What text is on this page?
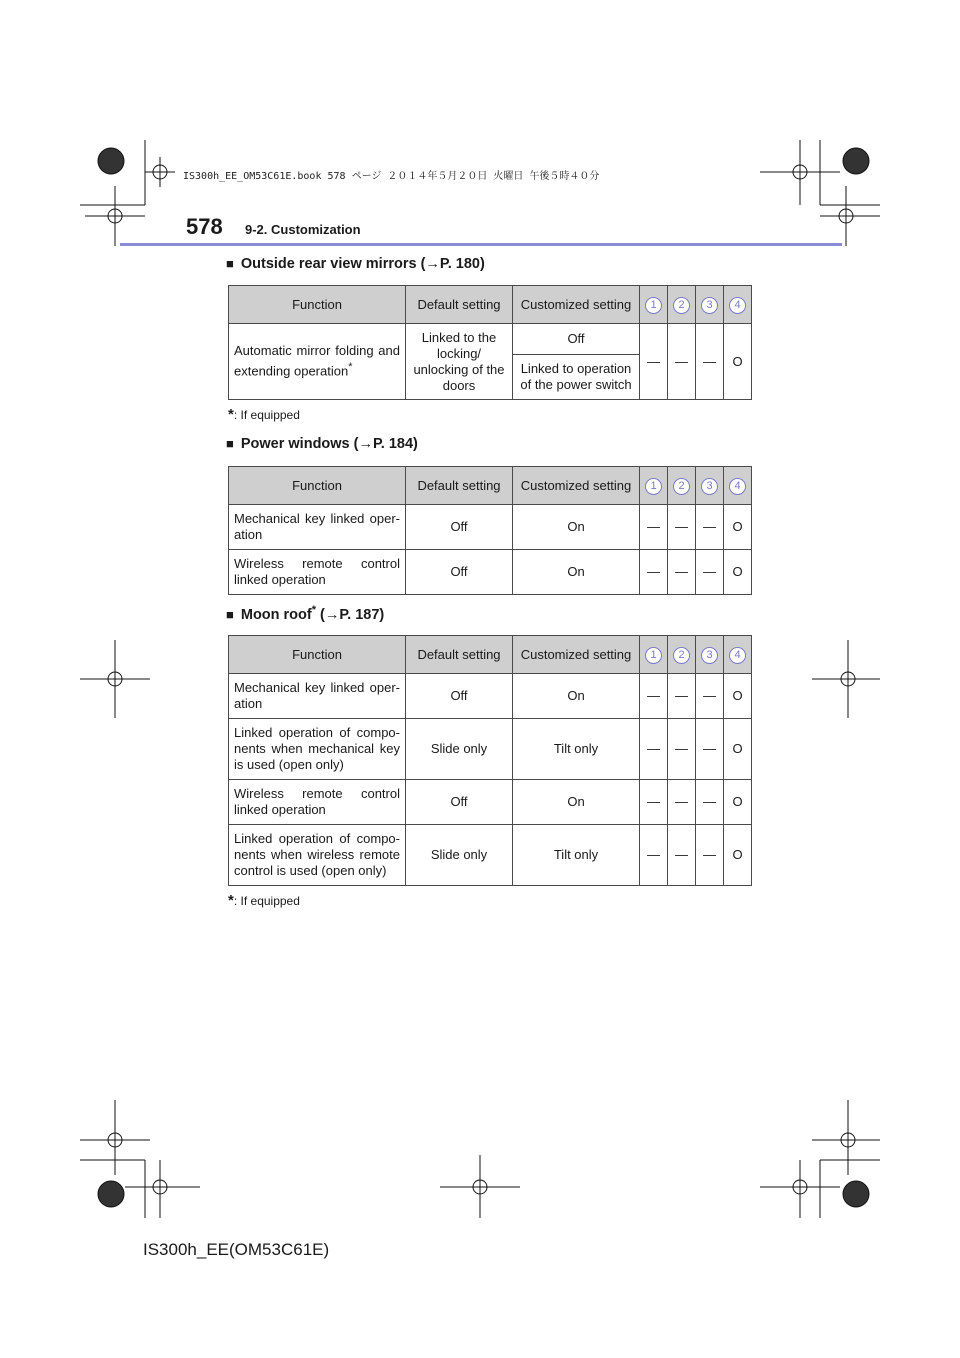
IS300h_EE_OM53C61E.book 578 ページ ２０１４年５月２０日 火曜日 午後５時４０分
578 9-2. Customization
■ Outside rear view mirrors (→P. 180)
Function	Default setting	Customized setting	1	2	3	4
Automatic mirror folding and extending operation*	Linked to the locking/ unlocking of the doors	Off	—	—	—	O
		Linked to operation of the power switch				
*: If equipped
■ Power windows (→P. 184)
Function	Default setting	Customized setting	1	2	3	4
Mechanical key linked oper-ation	Off	On	—	—	—	O
Wireless remote control linked operation	Off	On	—	—	—	O
■ Moon roof* (→P. 187)
Function	Default setting	Customized setting	1	2	3	4
Mechanical key linked oper-ation	Off	On	—	—	—	O
Linked operation of compo-nents when mechanical key is used (open only)	Slide only	Tilt only	—	—	—	O
Wireless remote control linked operation	Off	On	—	—	—	O
Linked operation of compo-nents when wireless remote control is used (open only)	Slide only	Tilt only	—	—	—	O
*: If equipped
IS300h_EE(OM53C61E)
